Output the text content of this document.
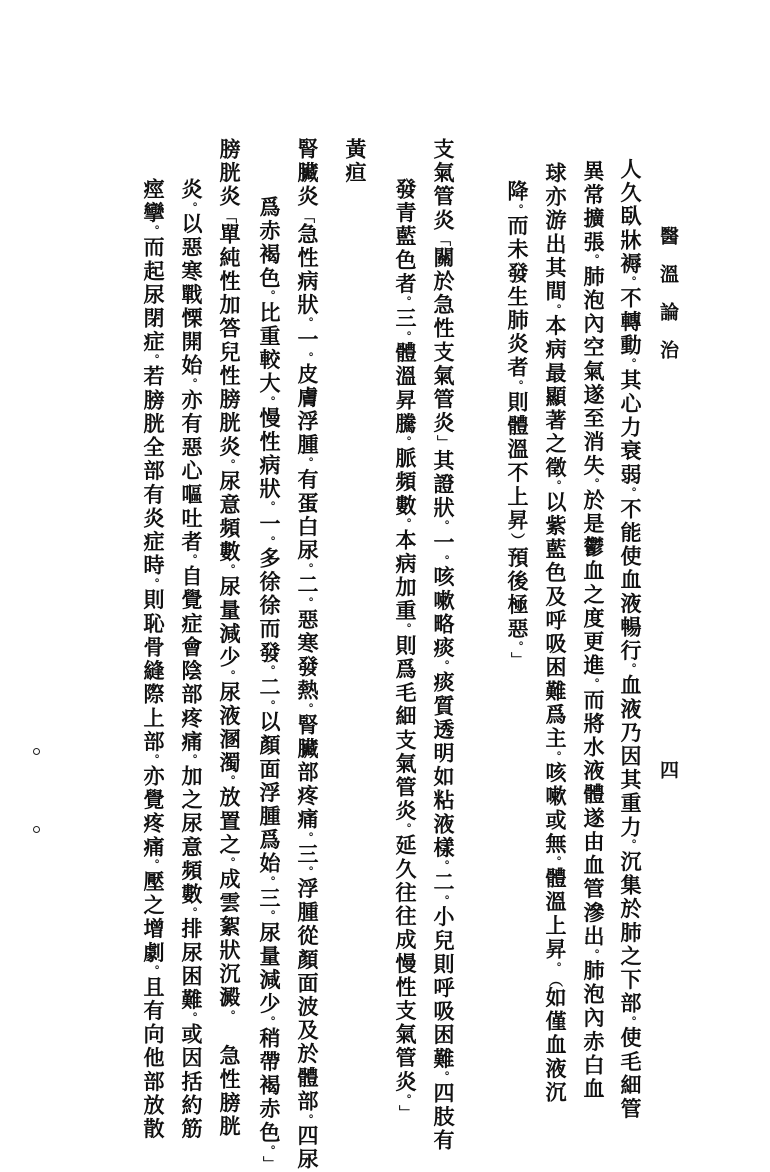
醫溫論治
四
人久臥牀褥。不轉動。其心力衰弱。不能使血液暢行。血液乃因其重力。沉集於肺之下部。使毛細管
異常擴張。肺泡內空氣遂至消失。於是鬱血之度更進。而將水液體遂由血管滲出。肺泡內赤白血
球亦游出其間。本病最顯著之徵。以紫藍色及呼吸困難爲主。咳嗽或無。體溫上昇。（如僅血液沉
降。而未發生肺炎者。則體溫不上昇）預後極惡。」
支氣管炎「關於急性支氣管炎」其證狀。一。咳嗽略痰。痰質透明如粘液樣。二。小兒則呼吸困難。四肢有
發青藍色者。三。體溫昇騰。脈頻數。本病加重。則爲毛細支氣管炎。延久往往成慢性支氣管炎。」
黃疸
腎臟炎「急性病狀。一。皮膚浮腫。有蛋白尿。二。惡寒發熱。腎臟部疼痛。三。浮腫從顏面波及於體部。四尿
爲赤褐色。比重較大。慢性病狀。一。多徐徐而發。二。以顏面浮腫爲始。三。尿量減少。稍帶褐赤色。」
膀胱炎「單純性加答兒性膀胱炎。尿意頻數。尿量減少。尿液溷濁。放置之。成雲絮狀沉澱。　急性膀胱
炎。以惡寒戰慄開始。亦有惡心嘔吐者。自覺症會陰部疼痛。加之尿意頻數。排尿困難。或因括約筋
痙攣。而起尿閉症。若膀胱全部有炎症時。則恥骨縫際上部。亦覺疼痛。壓之增劇。且有向他部放散
